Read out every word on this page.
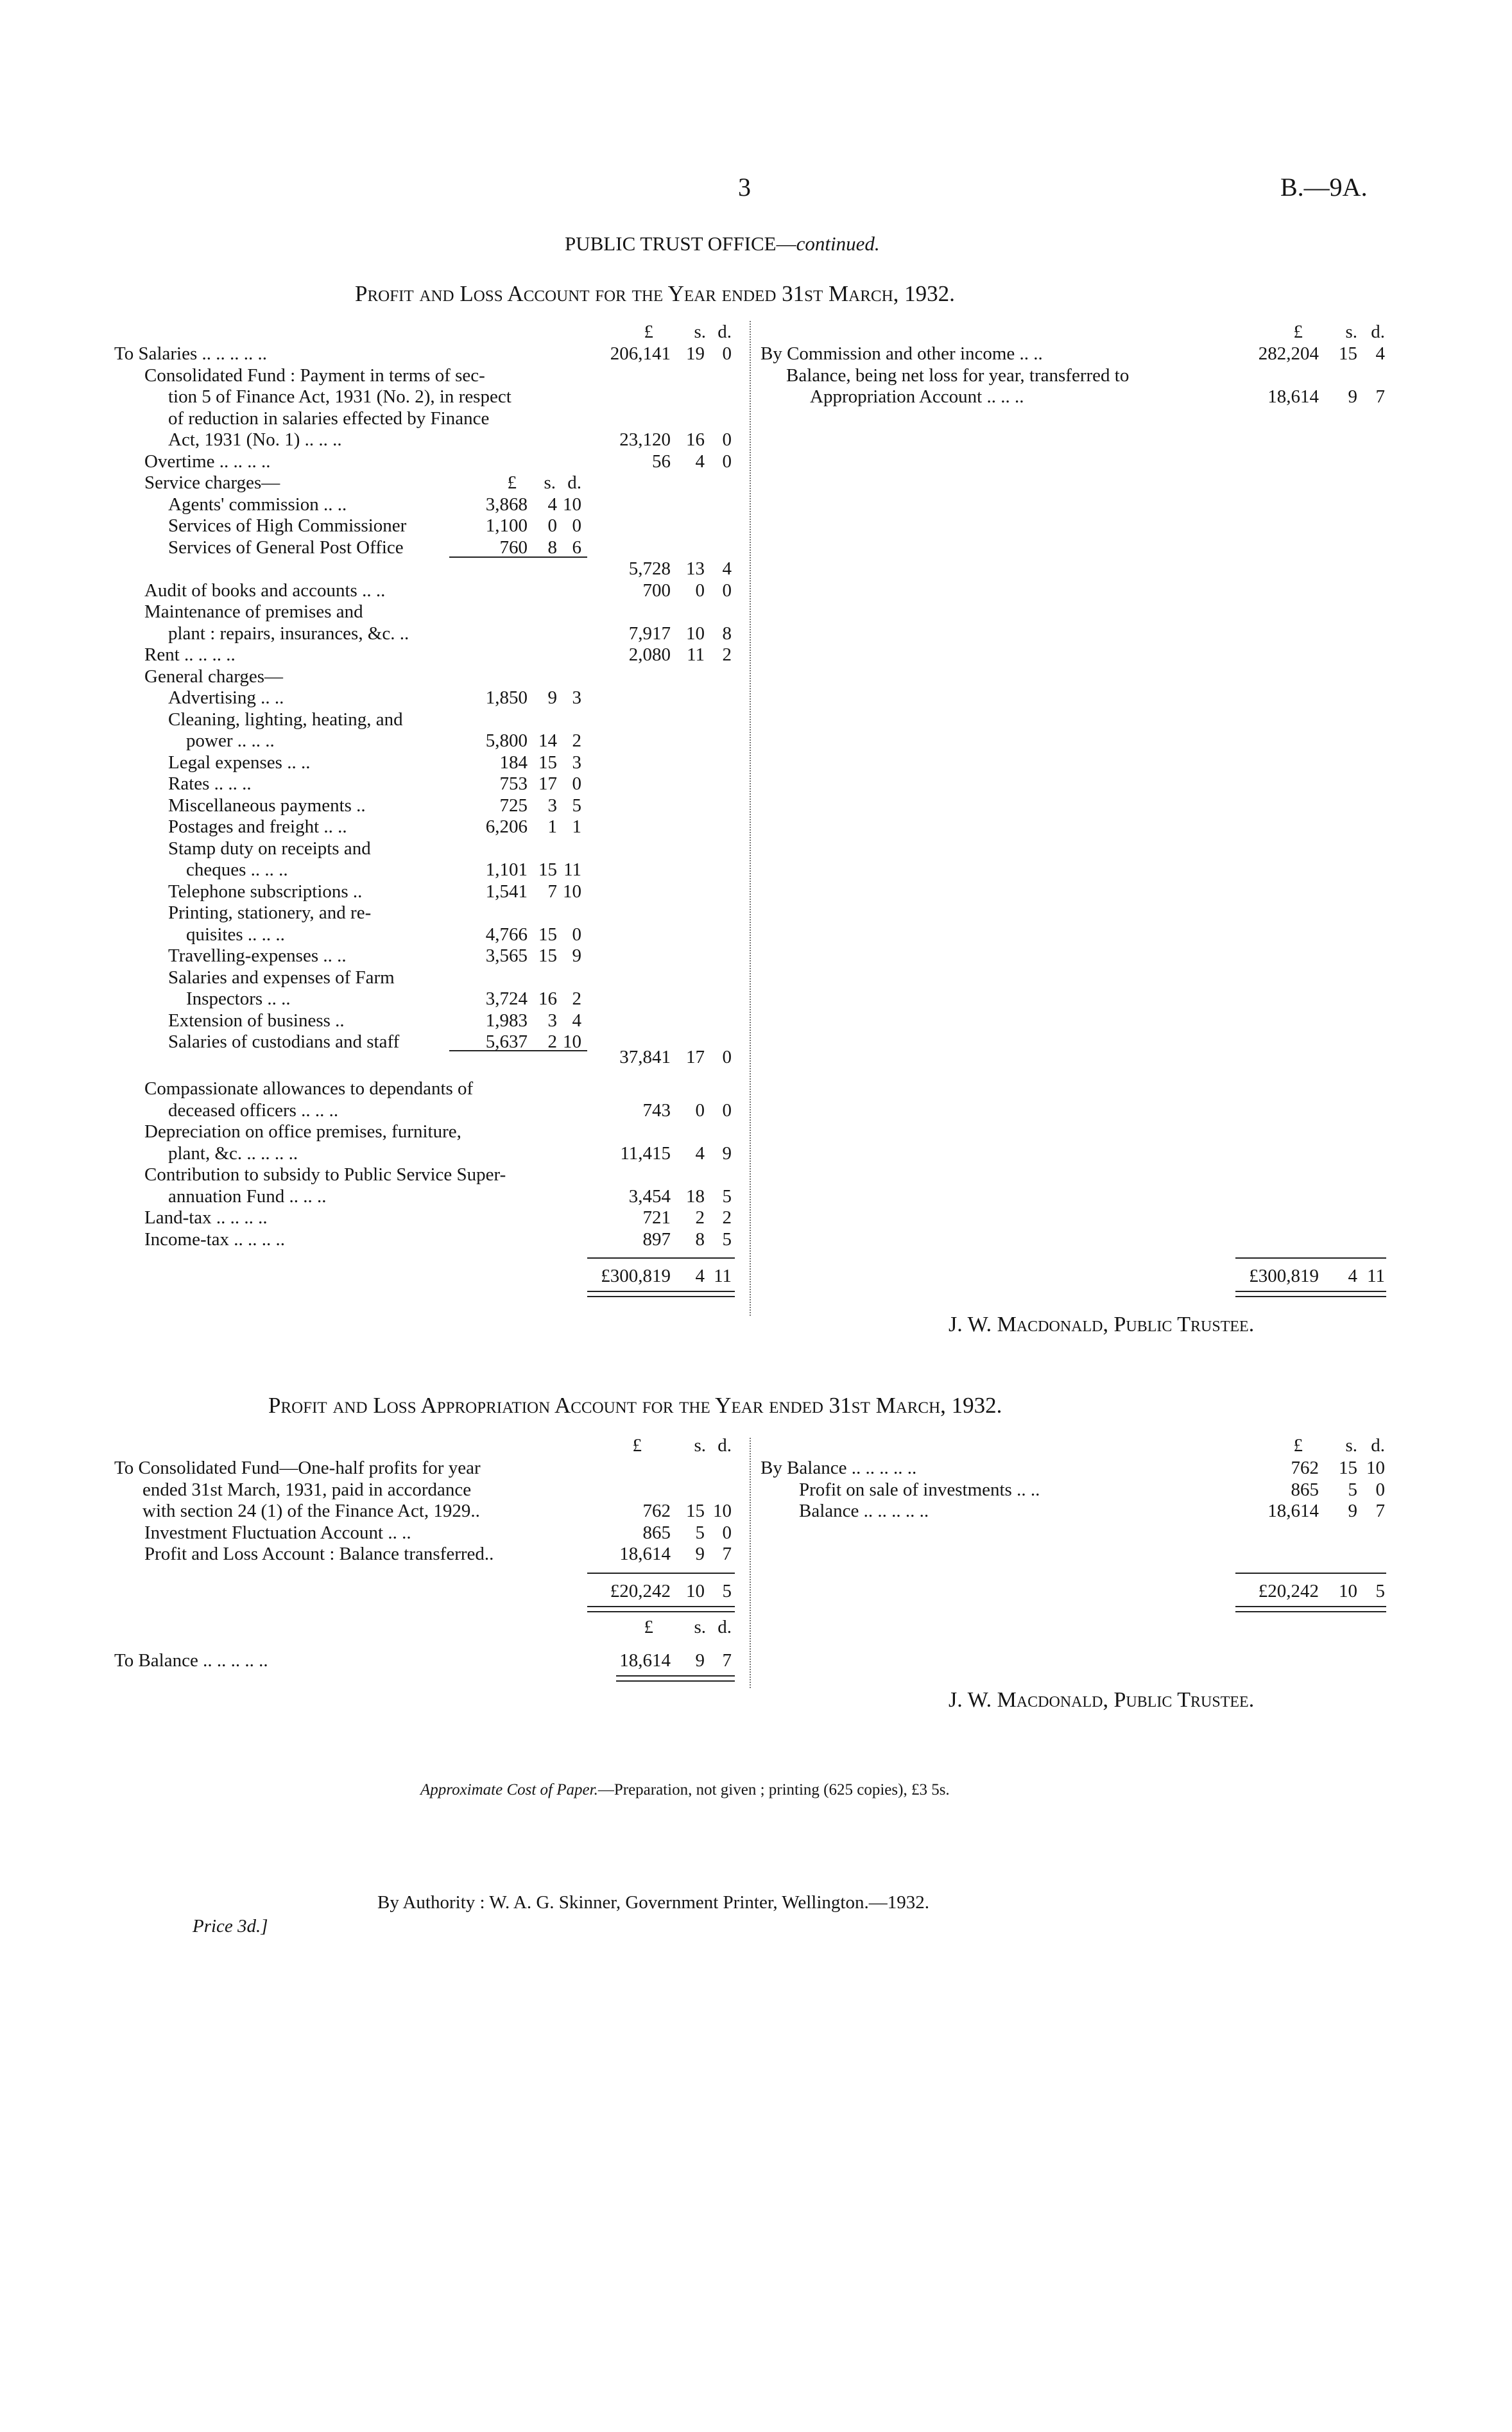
3	B.—9A.
PUBLIC TRUST OFFICE—continued.
Profit and Loss Account for the Year ended 31st March, 1932.
£ s. d.	£ s. d.
To Salaries .. .. .. .. ..	206,141 19 0
Consolidated Fund : Payment in terms of sec-
tion 5 of Finance Act, 1931 (No. 2), in respect
of reduction in salaries effected by Finance
Act, 1931 (No. 1) .. .. ..	23,120 16 0
Overtime .. .. .. ..	56 4 0
Service charges—	£ s. d.
Agents' commission .. ..	3,868 4 10
Services of High Commissioner	1,100 0 0
Services of General Post Office	760 8 6
5,728 13 4
Audit of books and accounts .. ..	700 0 0
Maintenance of premises and
plant : repairs, insurances, &c. ..	7,917 10 8
Rent .. .. .. ..	2,080 11 2
General charges—
Advertising .. ..	1,850 9 3
Cleaning, lighting, heating, and
power .. .. ..	5,800 14 2
Legal expenses .. ..	184 15 3
Rates .. .. ..	753 17 0
Miscellaneous payments ..	725 3 5
Postages and freight .. ..	6,206 1 1
Stamp duty on receipts and
cheques .. .. ..	1,101 15 11
Telephone subscriptions ..	1,541 7 10
Printing, stationery, and re-
quisites .. .. ..	4,766 15 0
Travelling-expenses .. ..	3,565 15 9
Salaries and expenses of Farm
Inspectors .. ..	3,724 16 2
Extension of business ..	1,983 3 4
Salaries of custodians and staff	5,637 2 10
37,841 17 0
Compassionate allowances to dependants of
deceased officers .. .. ..	743 0 0
Depreciation on office premises, furniture,
plant, &c. .. .. .. ..	11,415 4 9
Contribution to subsidy to Public Service Super-
annuation Fund .. .. ..	3,454 18 5
Land-tax .. .. .. ..	721 2 2
Income-tax .. .. .. ..	897 8 5
£300,819 4 11
By Commission and other income .. ..	282,204 15 4
Balance, being net loss for year, transferred to
Appropriation Account .. .. ..	18,614 9 7
£300,819 4 11
J. W. Macdonald, Public Trustee.
Profit and Loss Appropriation Account for the Year ended 31st March, 1932.
£	s. d.	£ s. d.
To Consolidated Fund—One-half profits for year
ended 31st March, 1931, paid in accordance
with section 24 (1) of the Finance Act, 1929..	762 15 10
Investment Fluctuation Account .. ..	865 5 0
Profit and Loss Account : Balance transferred..	18,614 9 7
£20,242 10 5
By Balance .. .. .. .. ..	762 15 10
Profit on sale of investments .. ..	865 5 0
Balance .. .. .. .. ..	18,614 9 7
£20,242 10 5
£ s. d.
To Balance .. .. .. .. ..	18,614 9 7
J. W. Macdonald, Public Trustee.
Approximate Cost of Paper.—Preparation, not given ; printing (625 copies), £3 5s.
By Authority : W. A. G. Skinner, Government Printer, Wellington.—1932.
Price 3d.]
